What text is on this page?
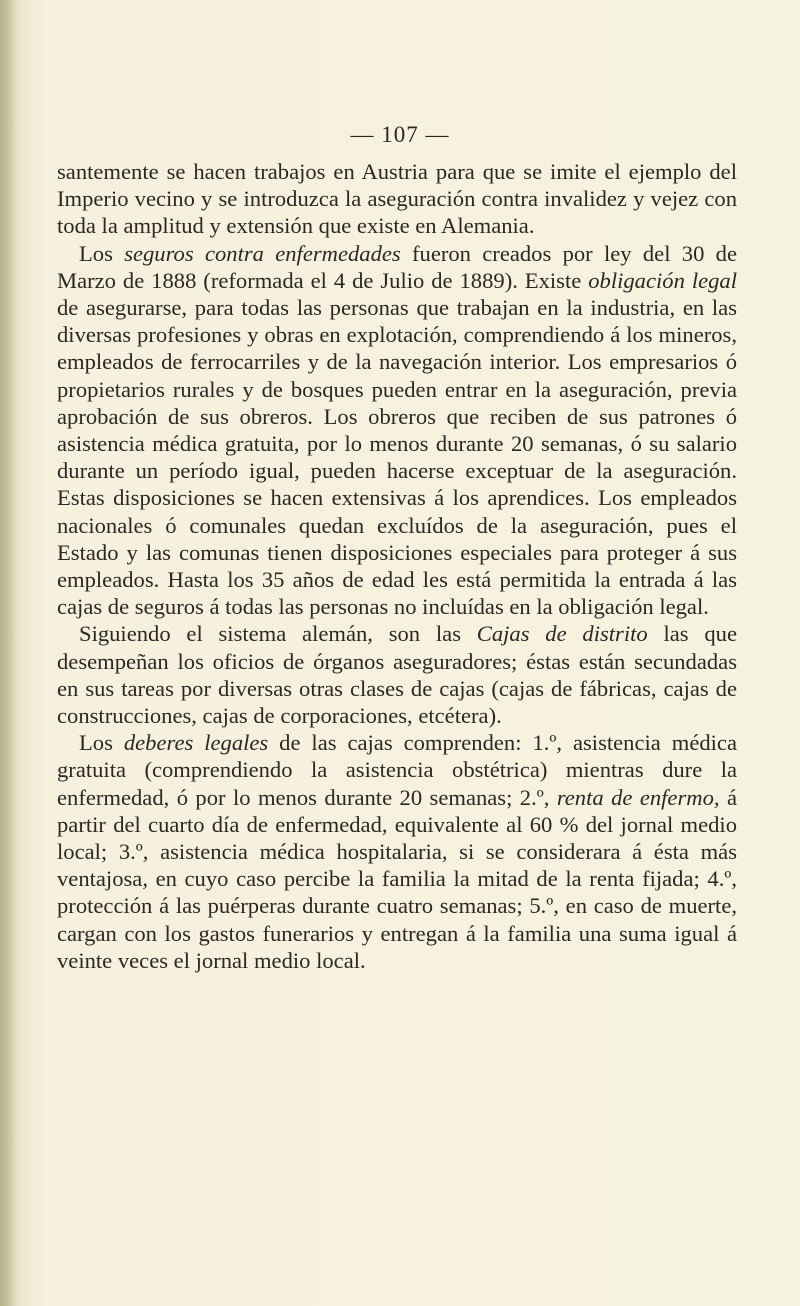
— 107 —

santemente se hacen trabajos en Austria para que se imite el ejemplo del Imperio vecino y se introduzca la aseguración contra invalidez y vejez con toda la amplitud y extensión que existe en Alemania.

Los seguros contra enfermedades fueron creados por ley del 30 de Marzo de 1888 (reformada el 4 de Julio de 1889). Existe obligación legal de asegurarse, para todas las personas que trabajan en la industria, en las diversas profesiones y obras en explotación, comprendiendo á los mineros, empleados de ferrocarriles y de la navegación interior. Los empresarios ó propietarios rurales y de bosques pueden entrar en la aseguración, previa aprobación de sus obreros. Los obreros que reciben de sus patrones ó asistencia médica gratuita, por lo menos durante 20 semanas, ó su salario durante un período igual, pueden hacerse exceptuar de la aseguración. Estas disposiciones se hacen extensivas á los aprendices. Los empleados nacionales ó comunales quedan excluídos de la aseguración, pues el Estado y las comunas tienen disposiciones especiales para proteger á sus empleados. Hasta los 35 años de edad les está permitida la entrada á las cajas de seguros á todas las personas no incluídas en la obligación legal.

Siguiendo el sistema alemán, son las Cajas de distrito las que desempeñan los oficios de órganos aseguradores; éstas están secundadas en sus tareas por diversas otras clases de cajas (cajas de fábricas, cajas de construcciones, cajas de corporaciones, etcétera).

Los deberes legales de las cajas comprenden: 1.º, asistencia médica gratuita (comprendiendo la asistencia obstétrica) mientras dure la enfermedad, ó por lo menos durante 20 semanas; 2.º, renta de enfermo, á partir del cuarto día de enfermedad, equivalente al 60 % del jornal medio local; 3.º, asistencia médica hospitalaria, si se considerara á ésta más ventajosa, en cuyo caso percibe la familia la mitad de la renta fijada; 4.º, protección á las puérperas durante cuatro semanas; 5.º, en caso de muerte, cargan con los gastos funerarios y entregan á la familia una suma igual á veinte veces el jornal medio local.
